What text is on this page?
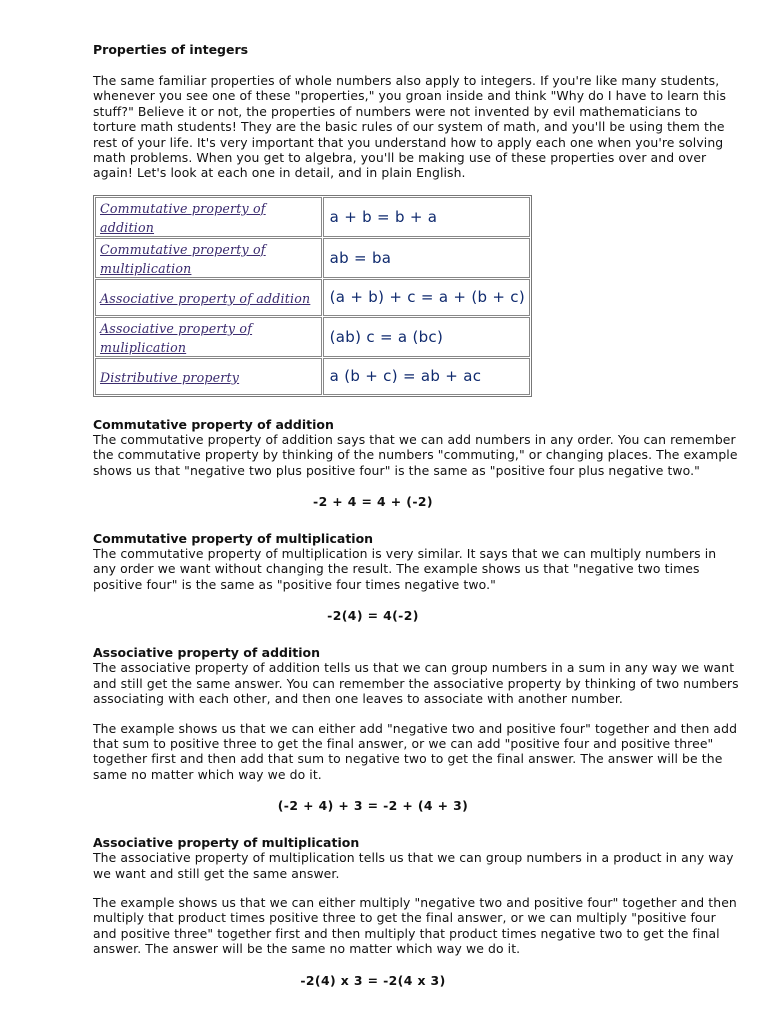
Properties of integers

The same familiar properties of whole numbers also apply to integers. If you're like many students, whenever you see one of these "properties," you groan inside and think "Why do I have to learn this stuff?" Believe it or not, the properties of numbers were not invented by evil mathematicians to torture math students! They are the basic rules of our system of math, and you'll be using them the rest of your life. It's very important that you understand how to apply each one when you're solving math problems. When you get to algebra, you'll be making use of these properties over and over again! Let's look at each one in detail, and in plain English.

Commutative property of addition	a + b = b + a
Commutative property of multiplication	ab = ba
Associative property of addition	(a + b) + c = a + (b + c)
Associative property of muliplication	(ab) c = a (bc)
Distributive property	a (b + c) = ab + ac
Commutative property of addition

The commutative property of addition says that we can add numbers in any order. You can remember the commutative property by thinking of the numbers "commuting," or changing places. The example shows us that "negative two plus positive four" is the same as "positive four plus negative two."

-2 + 4 = 4 + (-2)
Commutative property of multiplication

The commutative property of multiplication is very similar. It says that we can multiply numbers in any order we want without changing the result. The example shows us that "negative two times positive four" is the same as "positive four times negative two."

-2(4) = 4(-2)
Associative property of addition

The associative property of addition tells us that we can group numbers in a sum in any way we want and still get the same answer. You can remember the associative property by thinking of two numbers associating with each other, and then one leaves to associate with another number.

The example shows us that we can either add "negative two and positive four" together and then add that sum to positive three to get the final answer, or we can add "positive four and positive three" together first and then add that sum to negative two to get the final answer. The answer will be the same no matter which way we do it.

(-2 + 4) + 3 = -2 + (4 + 3)
Associative property of multiplication

The associative property of multiplication tells us that we can group numbers in a product in any way we want and still get the same answer.

The example shows us that we can either multiply "negative two and positive four" together and then multiply that product times positive three to get the final answer, or we can multiply "positive four and positive three" together first and then multiply that product times negative two to get the final answer. The answer will be the same no matter which way we do it.

-2(4) x 3 = -2(4 x 3)
